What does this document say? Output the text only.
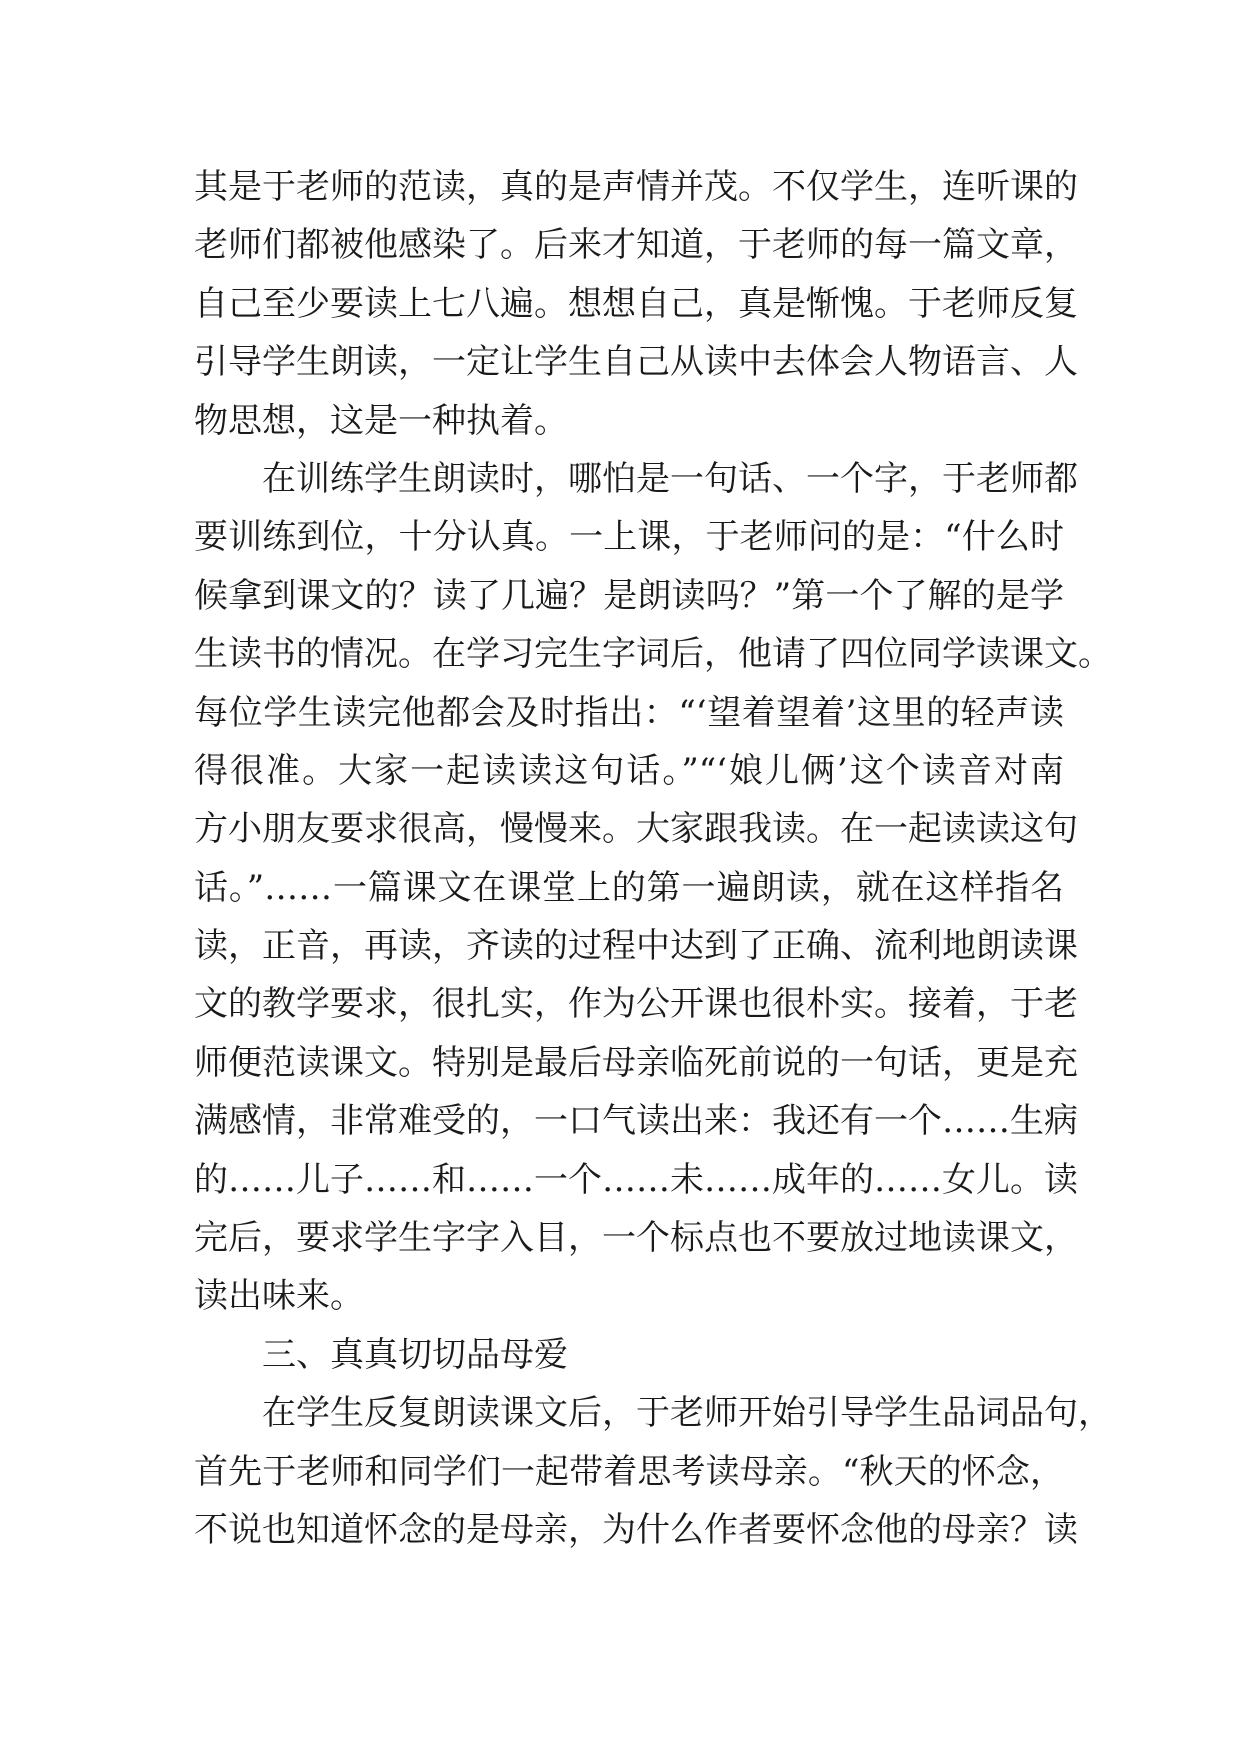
其是于老师的范读，真的是声情并茂。不仅学生，连听课的
老师们都被他感染了。后来才知道，于老师的每一篇文章，
自己至少要读上七八遍。想想自己，真是惭愧。于老师反复
引导学生朗读，一定让学生自己从读中去体会人物语言、人
物思想，这是一种执着。
在训练学生朗读时，哪怕是一句话、一个字，于老师都
要训练到位，十分认真。一上课，于老师问的是：“什么时
候拿到课文的？读了几遍？是朗读吗？”第一个了解的是学
生读书的情况。在学习完生字词后，他请了四位同学读课文。
每位学生读完他都会及时指出：“‘望着望着’这里的轻声读
得很准。大家一起读读这句话。”“‘娘儿俩’这个读音对南
方小朋友要求很高，慢慢来。大家跟我读。在一起读读这句
话。”……一篇课文在课堂上的第一遍朗读，就在这样指名
读，正音，再读，齐读的过程中达到了正确、流利地朗读课
文的教学要求，很扎实，作为公开课也很朴实。接着，于老
师便范读课文。特别是最后母亲临死前说的一句话，更是充
满感情，非常难受的，一口气读出来：我还有一个……生病
的……儿子……和……一个……未……成年的……女儿。读
完后，要求学生字字入目，一个标点也不要放过地读课文，
读出味来。
三、真真切切品母爱
在学生反复朗读课文后，于老师开始引导学生品词品句，
首先于老师和同学们一起带着思考读母亲。“秋天的怀念，
不说也知道怀念的是母亲，为什么作者要怀念他的母亲？读
